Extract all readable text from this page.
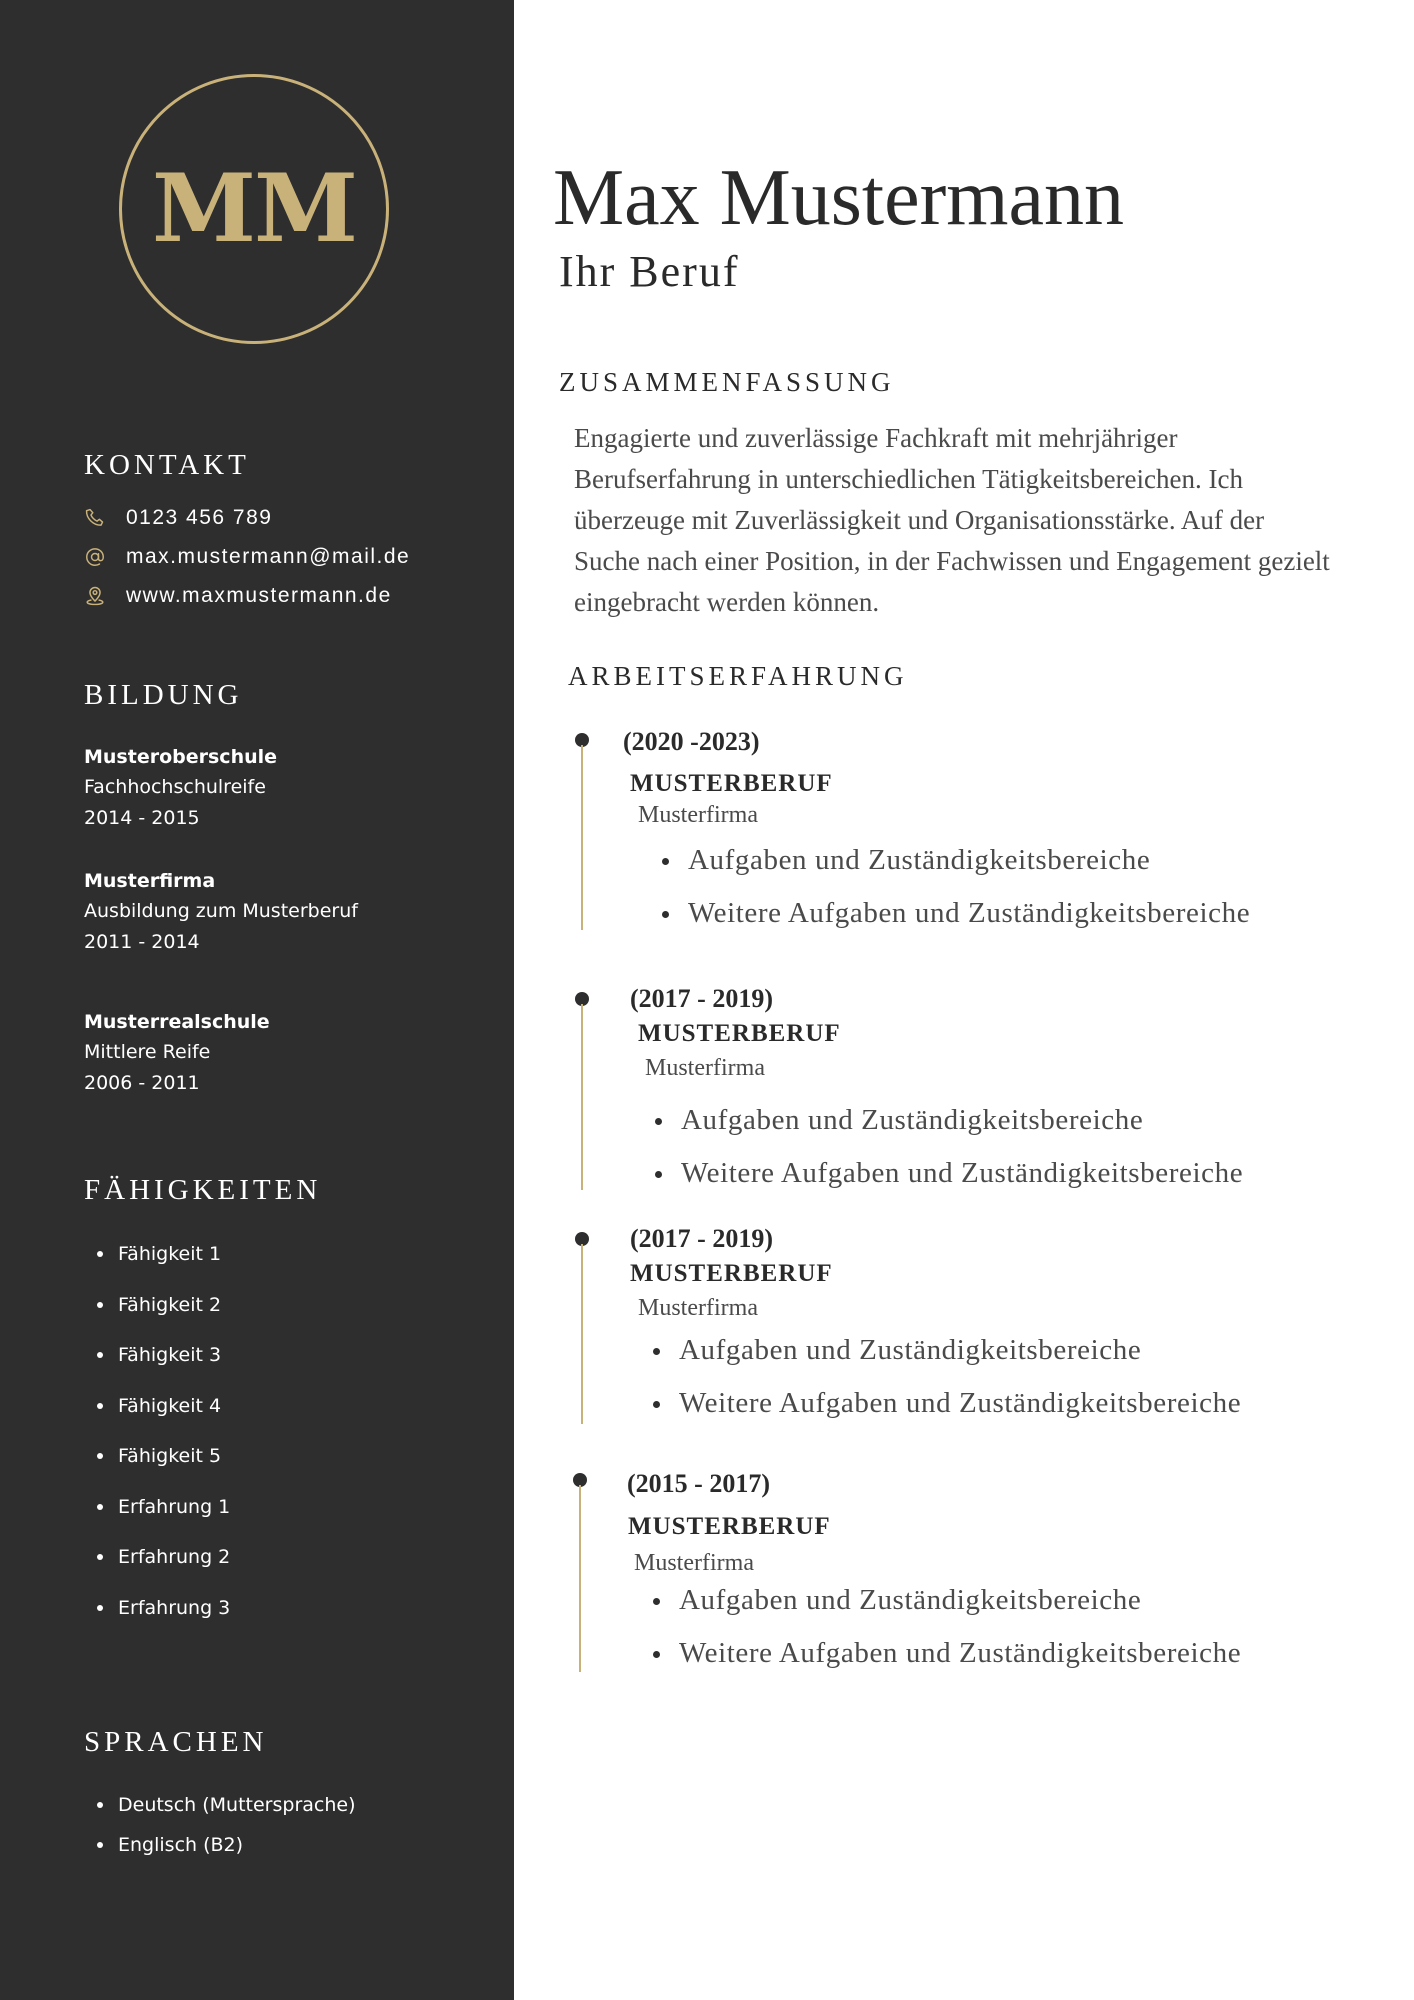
MM
KONTAKT
0123 456 789
max.mustermann@mail.de
www.maxmustermann.de
BILDUNG
Musteroberschule
Fachhochschulreife
2014 - 2015
Musterfirma
Ausbildung zum Musterberuf
2011 - 2014
Musterrealschule
Mittlere Reife
2006 - 2011
FÄHIGKEITEN
Fähigkeit 1
Fähigkeit 2
Fähigkeit 3
Fähigkeit 4
Fähigkeit 5
Erfahrung 1
Erfahrung 2
Erfahrung 3
SPRACHEN
Deutsch (Muttersprache)
Englisch (B2)
Max Mustermann
Ihr Beruf
ZUSAMMENFASSUNG

Engagierte und zuverlässige Fachkraft mit mehrjähriger Berufserfahrung in unterschiedlichen Tätigkeitsbereichen. Ich überzeuge mit Zuverlässigkeit und Organisationsstärke. Auf der Suche nach einer Position, in der Fachwissen und Engagement gezielt eingebracht werden können.

ARBEITSERFAHRUNG
(2020 -2023)
MUSTERBERUF
Musterfirma
Aufgaben und Zuständigkeitsbereiche
Weitere Aufgaben und Zuständigkeitsbereiche
(2017 - 2019)
MUSTERBERUF
Musterfirma
Aufgaben und Zuständigkeitsbereiche
Weitere Aufgaben und Zuständigkeitsbereiche
(2017 - 2019)
MUSTERBERUF
Musterfirma
Aufgaben und Zuständigkeitsbereiche
Weitere Aufgaben und Zuständigkeitsbereiche
(2015 - 2017)
MUSTERBERUF
Musterfirma
Aufgaben und Zuständigkeitsbereiche
Weitere Aufgaben und Zuständigkeitsbereiche
